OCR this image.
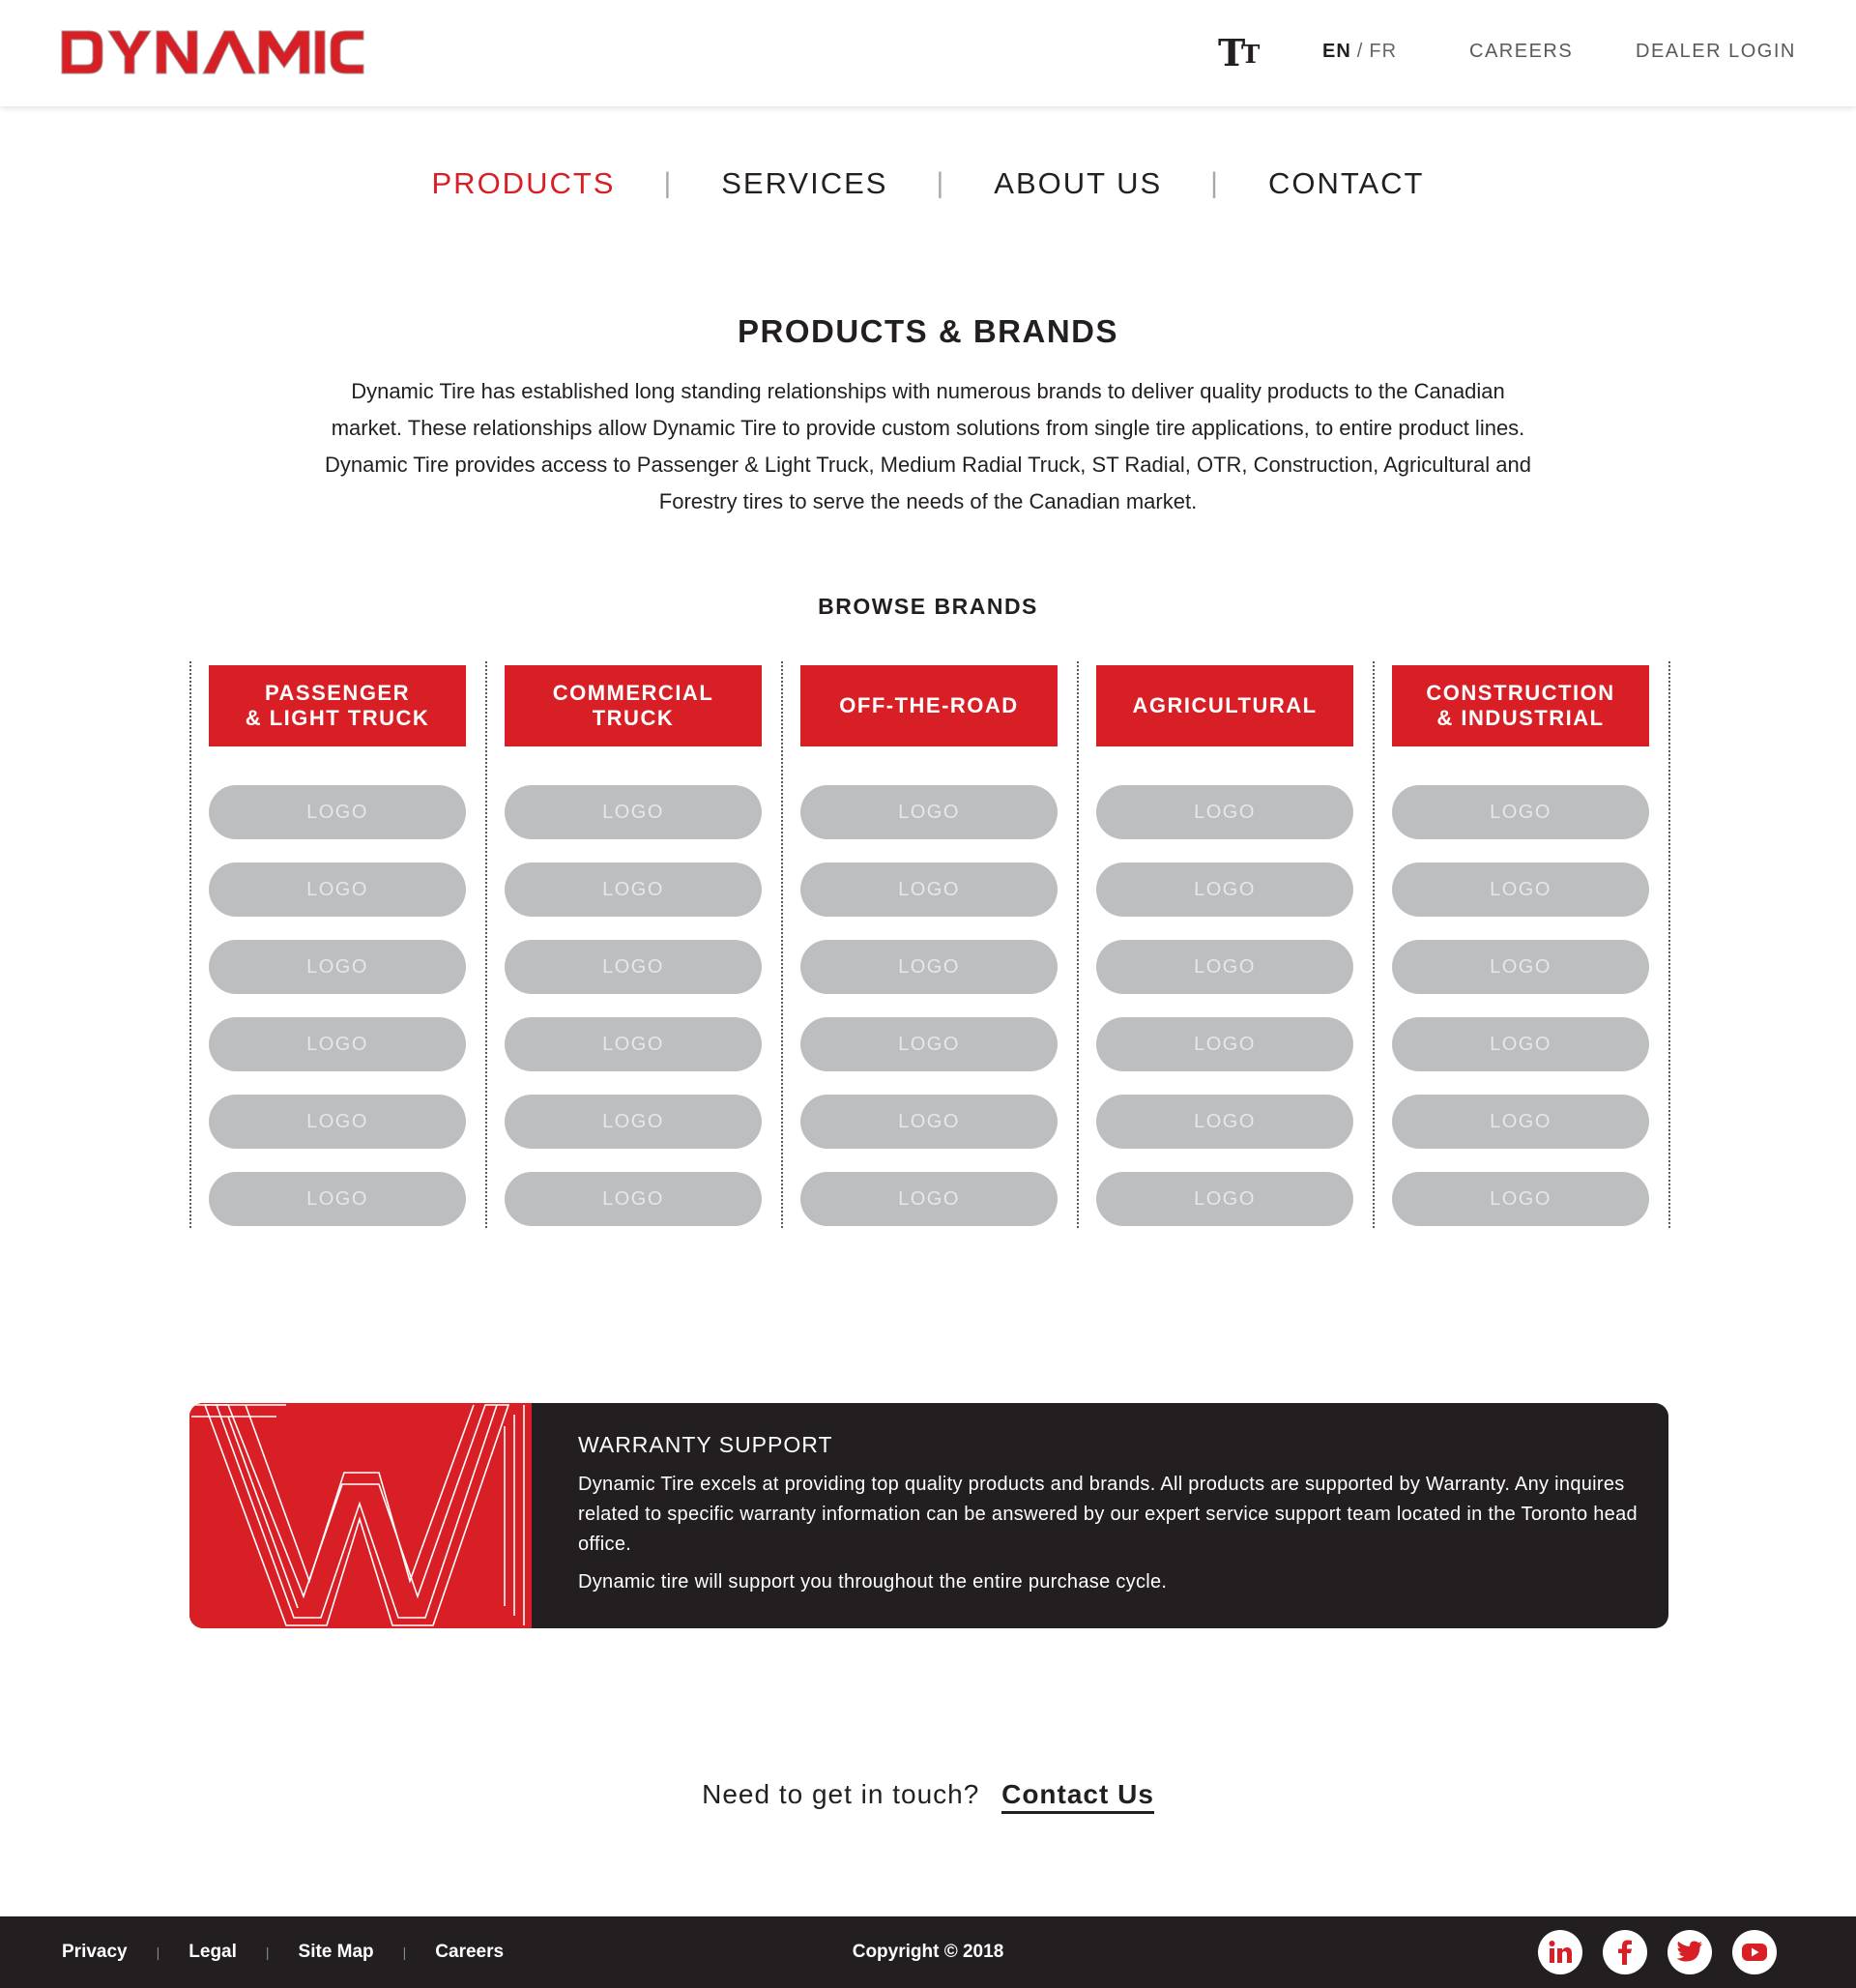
T
T	EN / FR	CAREERS	DEALER LOGIN
PRODUCTS | SERVICES | ABOUT US | CONTACT
PRODUCTS & BRANDS

Dynamic Tire has established long standing relationships with numerous brands to deliver quality products to the Canadian market. These relationships allow Dynamic Tire to provide custom solutions from single tire applications, to entire product lines. Dynamic Tire provides access to Passenger & Light Truck, Medium Radial Truck, ST Radial, OTR, Construction, Agricultural and Forestry tires to serve the needs of the Canadian market.

BROWSE BRANDS
PASSENGER
& LIGHT TRUCK
LOGO
LOGO
LOGO
LOGO
LOGO
LOGO
COMMERCIAL
TRUCK
LOGO
LOGO
LOGO
LOGO
LOGO
LOGO
OFF-THE-ROAD
LOGO
LOGO
LOGO
LOGO
LOGO
LOGO
AGRICULTURAL
LOGO
LOGO
LOGO
LOGO
LOGO
LOGO
CONSTRUCTION
& INDUSTRIAL
LOGO
LOGO
LOGO
LOGO
LOGO
LOGO
WARRANTY SUPPORT

Dynamic Tire excels at providing top quality products and brands. All products are supported by Warranty. Any inquires related to specific warranty information can be answered by our expert service support team located in the Toronto head office.

Dynamic tire will support you throughout the entire purchase cycle.

Need to get in touch? Contact Us
Privacy | Legal | Site Map | Careers	Copyright © 2018
